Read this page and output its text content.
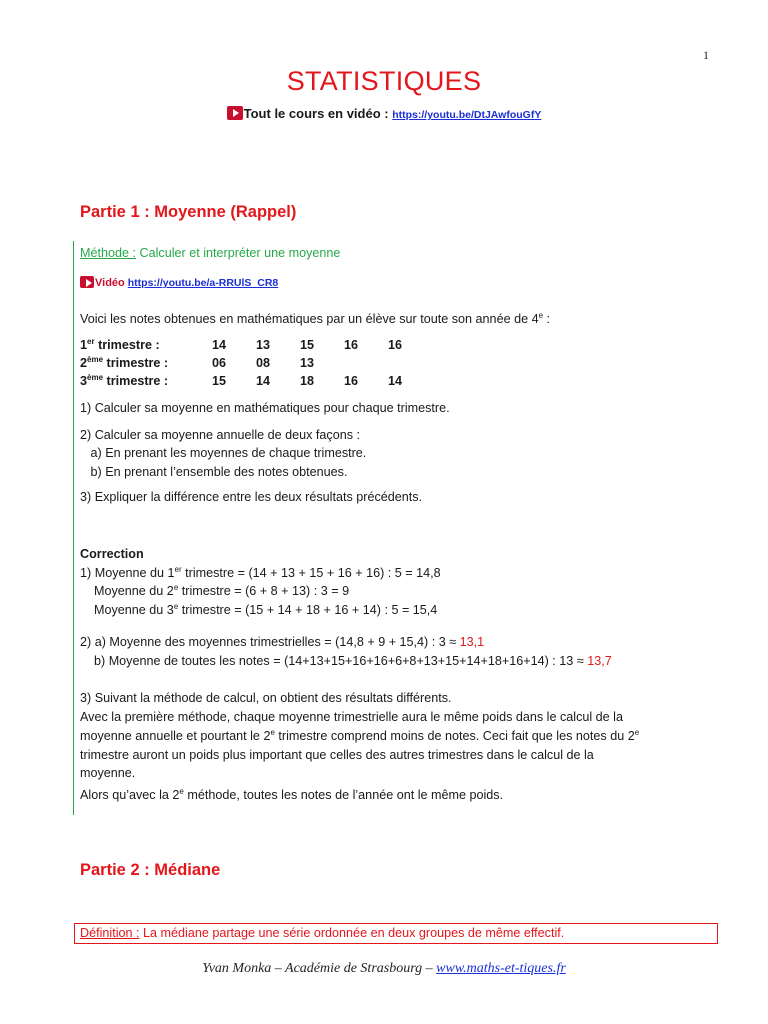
1
STATISTIQUES
Tout le cours en vidéo : https://youtu.be/DtJAwfouGfY
Partie 1 : Moyenne (Rappel)
Méthode : Calculer et interpréter une moyenne
Vidéo https://youtu.be/a-RRUlS_CR8
Voici les notes obtenues en mathématiques par un élève sur toute son année de 4e :
1er trimestre :	14	13	15	16	16
2ème trimestre :	06	08	13		
3ème trimestre :	15	14	18	16	14
1) Calculer sa moyenne en mathématiques pour chaque trimestre.
2) Calculer sa moyenne annuelle de deux façons :
a) En prenant les moyennes de chaque trimestre.
b) En prenant l’ensemble des notes obtenues.
3) Expliquer la différence entre les deux résultats précédents.
Correction
1) Moyenne du 1er trimestre = (14 + 13 + 15 + 16 + 16) : 5 = 14,8
Moyenne du 2e trimestre = (6 + 8 + 13) : 3 = 9
Moyenne du 3e trimestre = (15 + 14 + 18 + 16 + 14) : 5 = 15,4
2) a) Moyenne des moyennes trimestrielles = (14,8 + 9 + 15,4) : 3 ≈ 13,1
b) Moyenne de toutes les notes = (14+13+15+16+16+6+8+13+15+14+18+16+14) : 13 ≈ 13,7
3) Suivant la méthode de calcul, on obtient des résultats différents.
Avec la première méthode, chaque moyenne trimestrielle aura le même poids dans le calcul de la
moyenne annuelle et pourtant le 2e trimestre comprend moins de notes. Ceci fait que les notes du 2e
trimestre auront un poids plus important que celles des autres trimestres dans le calcul de la
moyenne.
Alors qu’avec la 2e méthode, toutes les notes de l’année ont le même poids.
Partie 2 : Médiane
Définition : La médiane partage une série ordonnée en deux groupes de même effectif.
Yvan Monka – Académie de Strasbourg – www.maths-et-tiques.fr
